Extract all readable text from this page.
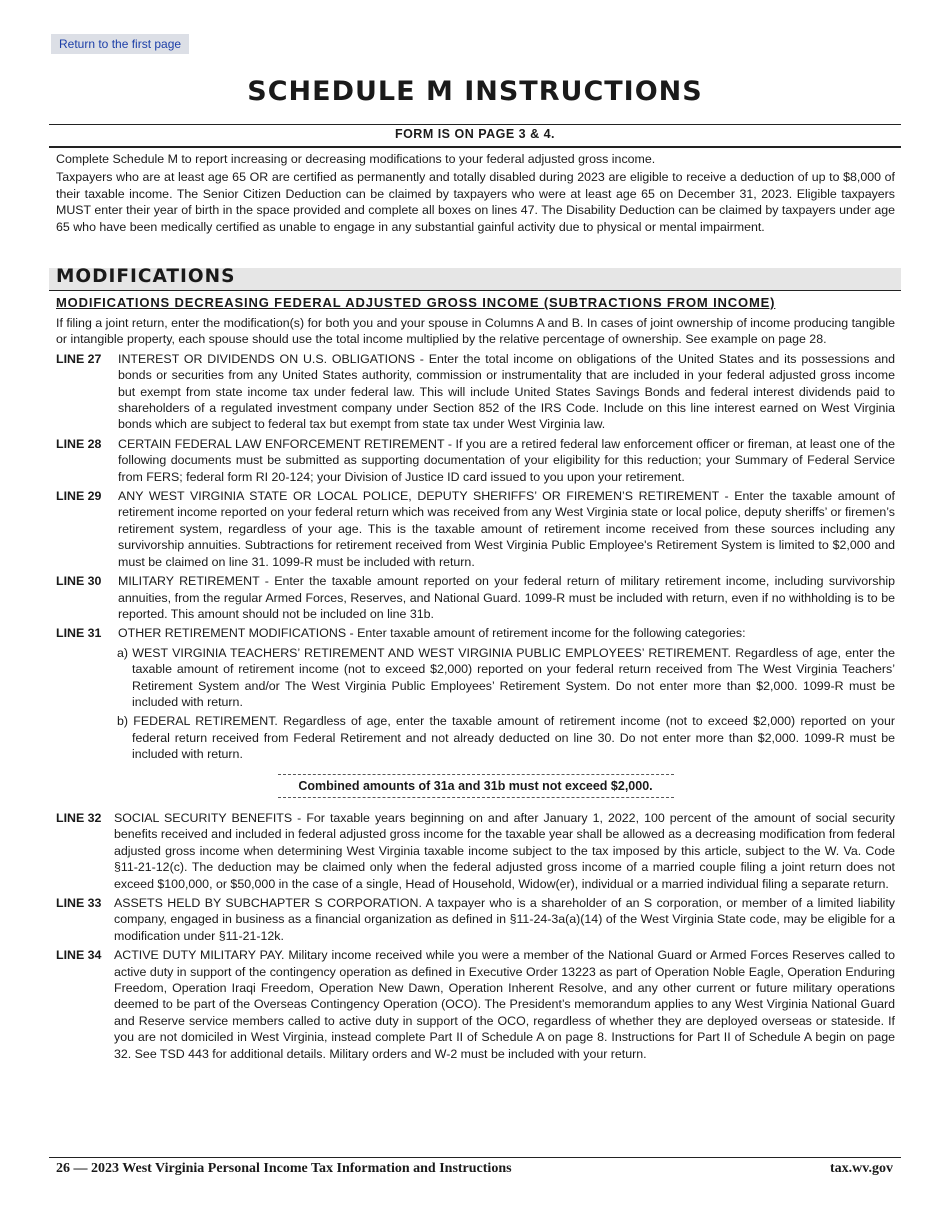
Return to the first page
SCHEDULE M INSTRUCTIONS
FORM IS ON PAGE 3 & 4.

Complete Schedule M to report increasing or decreasing modifications to your federal adjusted gross income.

Taxpayers who are at least age 65 OR are certified as permanently and totally disabled during 2023 are eligible to receive a deduction of up to $8,000 of their taxable income. The Senior Citizen Deduction can be claimed by taxpayers who were at least age 65 on December 31, 2023. Eligible taxpayers MUST enter their year of birth in the space provided and complete all boxes on lines 47. The Disability Deduction can be claimed by taxpayers under age 65 who have been medically certified as unable to engage in any substantial gainful activity due to physical or mental impairment.

MODIFICATIONS
MODIFICATIONS DECREASING FEDERAL ADJUSTED GROSS INCOME (SUBTRACTIONS FROM INCOME)

If filing a joint return, enter the modification(s) for both you and your spouse in Columns A and B. In cases of joint ownership of income producing tangible or intangible property, each spouse should use the total income multiplied by the relative percentage of ownership. See example on page 28.

LINE 27 INTEREST OR DIVIDENDS ON U.S. OBLIGATIONS - Enter the total income on obligations of the United States and its possessions and bonds or securities from any United States authority, commission or instrumentality that are included in your federal adjusted gross income but exempt from state income tax under federal law. This will include United States Savings Bonds and federal interest dividends paid to shareholders of a regulated investment company under Section 852 of the IRS Code. Include on this line interest earned on West Virginia bonds which are subject to federal tax but exempt from state tax under West Virginia law.
LINE 28 CERTAIN FEDERAL LAW ENFORCEMENT RETIREMENT - If you are a retired federal law enforcement officer or fireman, at least one of the following documents must be submitted as supporting documentation of your eligibility for this reduction; your Summary of Federal Service from FERS; federal form RI 20-124; your Division of Justice ID card issued to you upon your retirement.
LINE 29 ANY WEST VIRGINIA STATE OR LOCAL POLICE, DEPUTY SHERIFFS’ OR FIREMEN’S RETIREMENT - Enter the taxable amount of retirement income reported on your federal return which was received from any West Virginia state or local police, deputy sheriffs’ or firemen’s retirement system, regardless of your age. This is the taxable amount of retirement income received from these sources including any survivorship annuities. Subtractions for retirement received from West Virginia Public Employee's Retirement System is limited to $2,000 and must be claimed on line 31. 1099-R must be included with return.
LINE 30 MILITARY RETIREMENT - Enter the taxable amount reported on your federal return of military retirement income, including survivorship annuities, from the regular Armed Forces, Reserves, and National Guard. 1099-R must be included with return, even if no withholding is to be reported. This amount should not be included on line 31b.
LINE 31 OTHER RETIREMENT MODIFICATIONS - Enter taxable amount of retirement income for the following categories:
a) WEST VIRGINIA TEACHERS’ RETIREMENT AND WEST VIRGINIA PUBLIC EMPLOYEES’ RETIREMENT. Regardless of age, enter the taxable amount of retirement income (not to exceed $2,000) reported on your federal return received from The West Virginia Teachers’ Retirement System and/or The West Virginia Public Employees’ Retirement System. Do not enter more than $2,000. 1099-R must be included with return.
b) FEDERAL RETIREMENT. Regardless of age, enter the taxable amount of retirement income (not to exceed $2,000) reported on your federal return received from Federal Retirement and not already deducted on line 30. Do not enter more than $2,000. 1099-R must be included with return.
Combined amounts of 31a and 31b must not exceed $2,000.
LINE 32 SOCIAL SECURITY BENEFITS - For taxable years beginning on and after January 1, 2022, 100 percent of the amount of social security benefits received and included in federal adjusted gross income for the taxable year shall be allowed as a decreasing modification from federal adjusted gross income when determining West Virginia taxable income subject to the tax imposed by this article, subject to the W. Va. Code §11-21-12(c). The deduction may be claimed only when the federal adjusted gross income of a married couple filing a joint return does not exceed $100,000, or $50,000 in the case of a single, Head of Household, Widow(er), individual or a married individual filing a separate return.
LINE 33 ASSETS HELD BY SUBCHAPTER S CORPORATION. A taxpayer who is a shareholder of an S corporation, or member of a limited liability company, engaged in business as a financial organization as defined in §11-24-3a(a)(14) of the West Virginia State code, may be eligible for a modification under §11-21-12k.
LINE 34 ACTIVE DUTY MILITARY PAY. Military income received while you were a member of the National Guard or Armed Forces Reserves called to active duty in support of the contingency operation as defined in Executive Order 13223 as part of Operation Noble Eagle, Operation Enduring Freedom, Operation Iraqi Freedom, Operation New Dawn, Operation Inherent Resolve, and any other current or future military operations deemed to be part of the Overseas Contingency Operation (OCO). The President’s memorandum applies to any West Virginia National Guard and Reserve service members called to active duty in support of the OCO, regardless of whether they are deployed overseas or stateside. If you are not domiciled in West Virginia, instead complete Part II of Schedule A on page 8. Instructions for Part II of Schedule A begin on page 32. See TSD 443 for additional details. Military orders and W-2 must be included with your return.
26 — 2023 West Virginia Personal Income Tax Information and Instructions	tax.wv.gov
